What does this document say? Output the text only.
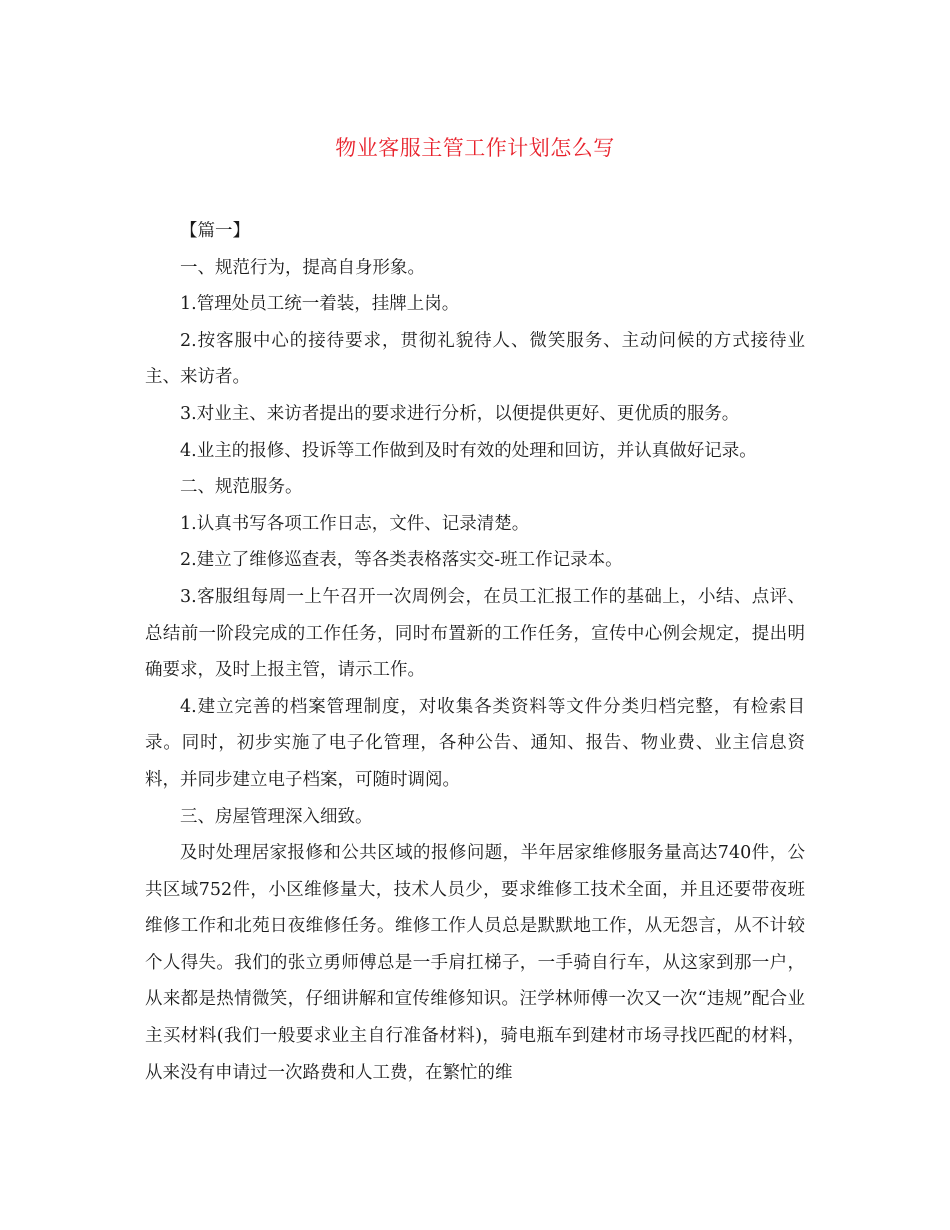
物业客服主管工作计划怎么写

【篇一】

一、规范行为，提高自身形象。

1.管理处员工统一着装，挂牌上岗。

2.按客服中心的接待要求，贯彻礼貌待人、微笑服务、主动问候的方式接待业主、来访者。

3.对业主、来访者提出的要求进行分析，以便提供更好、更优质的服务。

4.业主的报修、投诉等工作做到及时有效的处理和回访，并认真做好记录。

二、规范服务。

1.认真书写各项工作日志，文件、记录清楚。

2.建立了维修巡查表，等各类表格落实交-班工作记录本。

3.客服组每周一上午召开一次周例会，在员工汇报工作的基础上，小结、点评、总结前一阶段完成的工作任务，同时布置新的工作任务，宣传中心例会规定，提出明确要求，及时上报主管，请示工作。

4.建立完善的档案管理制度，对收集各类资料等文件分类归档完整，有检索目录。同时，初步实施了电子化管理，各种公告、通知、报告、物业费、业主信息资料，并同步建立电子档案，可随时调阅。

三、房屋管理深入细致。

及时处理居家报修和公共区域的报修问题，半年居家维修服务量高达740件，公共区域752件，小区维修量大，技术人员少，要求维修工技术全面，并且还要带夜班维修工作和北苑日夜维修任务。维修工作人员总是默默地工作，从无怨言，从不计较个人得失。我们的张立勇师傅总是一手肩扛梯子，一手骑自行车，从这家到那一户，从来都是热情微笑，仔细讲解和宣传维修知识。汪学林师傅一次又一次“违规”配合业主买材料(我们一般要求业主自行准备材料)，骑电瓶车到建材市场寻找匹配的材料，从来没有申请过一次路费和人工费，在繁忙的维
